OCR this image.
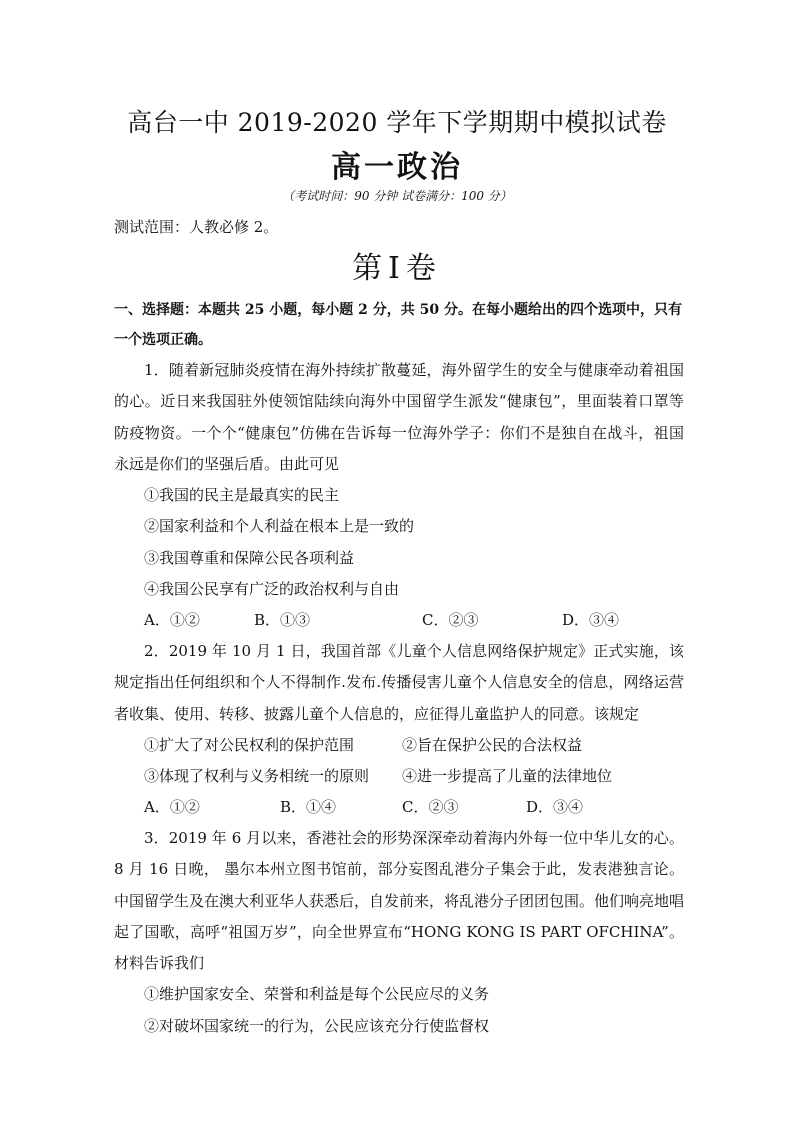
高台一中 2019-2020 学年下学期期中模拟试卷
高一政治
（考试时间：90 分钟 试卷满分：100 分）
测试范围：人教必修 2。
第Ⅰ卷
一、选择题：本题共 25 小题，每小题 2 分，共 50 分。在每小题给出的四个选项中，只有一个选项正确。

1．随着新冠肺炎疫情在海外持续扩散蔓延，海外留学生的安全与健康牵动着祖国的心。近日来我国驻外使领馆陆续向海外中国留学生派发“健康包”，里面装着口罩等防疫物资。一个个“健康包”仿佛在告诉每一位海外学子：你们不是独自在战斗，祖国永远是你们的坚强后盾。由此可见

①我国的民主是最真实的民主
②国家利益和个人利益在根本上是一致的
③我国尊重和保障公民各项利益
④我国公民享有广泛的政治权利与自由
A．①②	B．①③	C．②③	D．③④

2．2019 年 10 月 1 日，我国首部《儿童个人信息网络保护规定》正式实施，该规定指出任何组织和个人不得制作.发布.传播侵害儿童个人信息安全的信息，网络运营者收集、使用、转移、披露儿童个人信息的，应征得儿童监护人的同意。该规定

①扩大了对公民权利的保护范围	②旨在保护公民的合法权益
③体现了权利与义务相统一的原则	④进一步提高了儿童的法律地位
A．①②	B．①④	C．②③	D．③④

3．2019 年 6 月以来，香港社会的形势深深牵动着海内外每一位中华儿女的心。8 月 16 日晚， 墨尔本州立图书馆前，部分妄图乱港分子集会于此，发表港独言论。中国留学生及在澳大利亚华人获悉后，自发前来，将乱港分子团团包围。他们响亮地唱起了国歌，高呼“祖国万岁”，向全世界宣布“HONG KONG IS PART OFCHINA”。材料告诉我们

①维护国家安全、荣誉和利益是每个公民应尽的义务
②对破坏国家统一的行为，公民应该充分行使监督权
